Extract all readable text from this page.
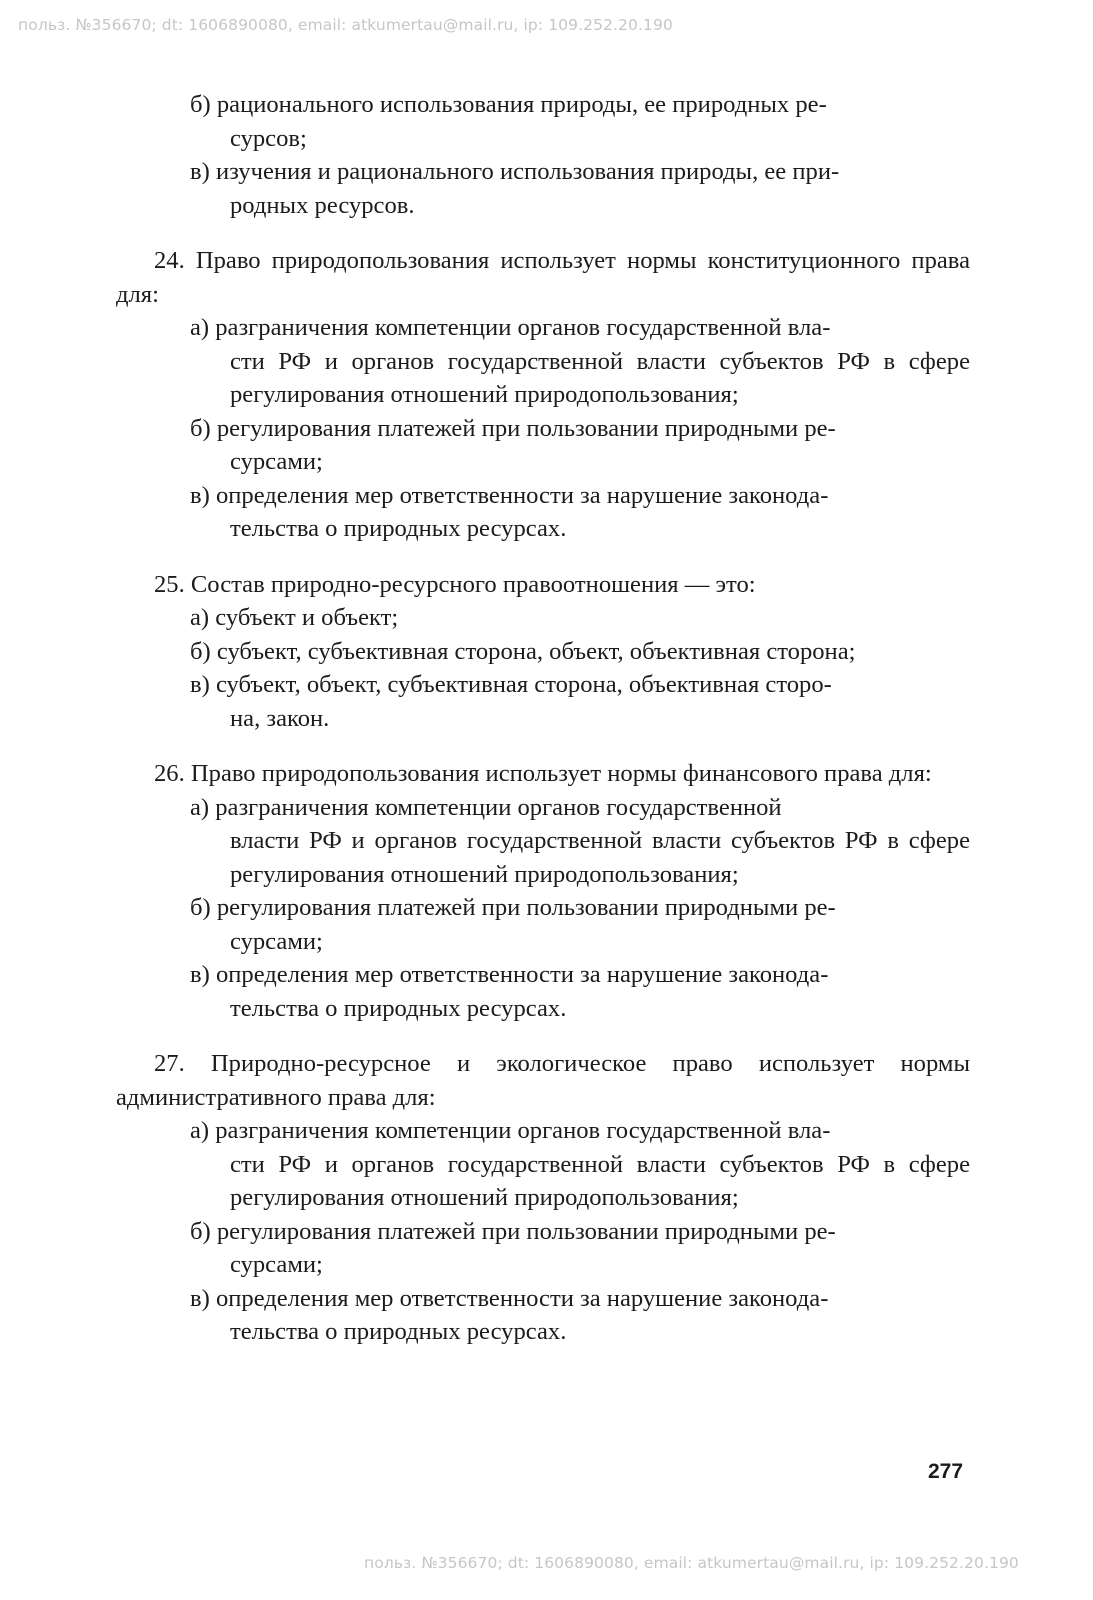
польз. №356670; dt: 1606890080, email: atkumertau@mail.ru, ip: 109.252.20.190
б) рационального использования природы, ее природных ре-
сурсов;
в) изучения и рационального использования природы, ее при-
родных ресурсов.

24. Право природопользования использует нормы конституционного права для:

а) разграничения компетенции органов государственной вла-
сти РФ и органов государственной власти субъектов РФ в сфере регулирования отношений природопользования;
б) регулирования платежей при пользовании природными ре-
сурсами;
в) определения мер ответственности за нарушение законода-
тельства о природных ресурсах.

25. Состав природно-ресурсного правоотношения — это:

а) субъект и объект;
б) субъект, субъективная сторона, объект, объективная сторона;
в) субъект, объект, субъективная сторона, объективная сторо-
на, закон.

26. Право природопользования использует нормы финансового права для:

а) разграничения компетенции органов государственной
власти РФ и органов государственной власти субъектов РФ в сфере регулирования отношений природопользования;
б) регулирования платежей при пользовании природными ре-
сурсами;
в) определения мер ответственности за нарушение законода-
тельства о природных ресурсах.

27. Природно-ресурсное и экологическое право использует нормы административного права для:

а) разграничения компетенции органов государственной вла-
сти РФ и органов государственной власти субъектов РФ в сфере регулирования отношений природопользования;
б) регулирования платежей при пользовании природными ре-
сурсами;
в) определения мер ответственности за нарушение законода-
тельства о природных ресурсах.
277
польз. №356670; dt: 1606890080, email: atkumertau@mail.ru, ip: 109.252.20.190
